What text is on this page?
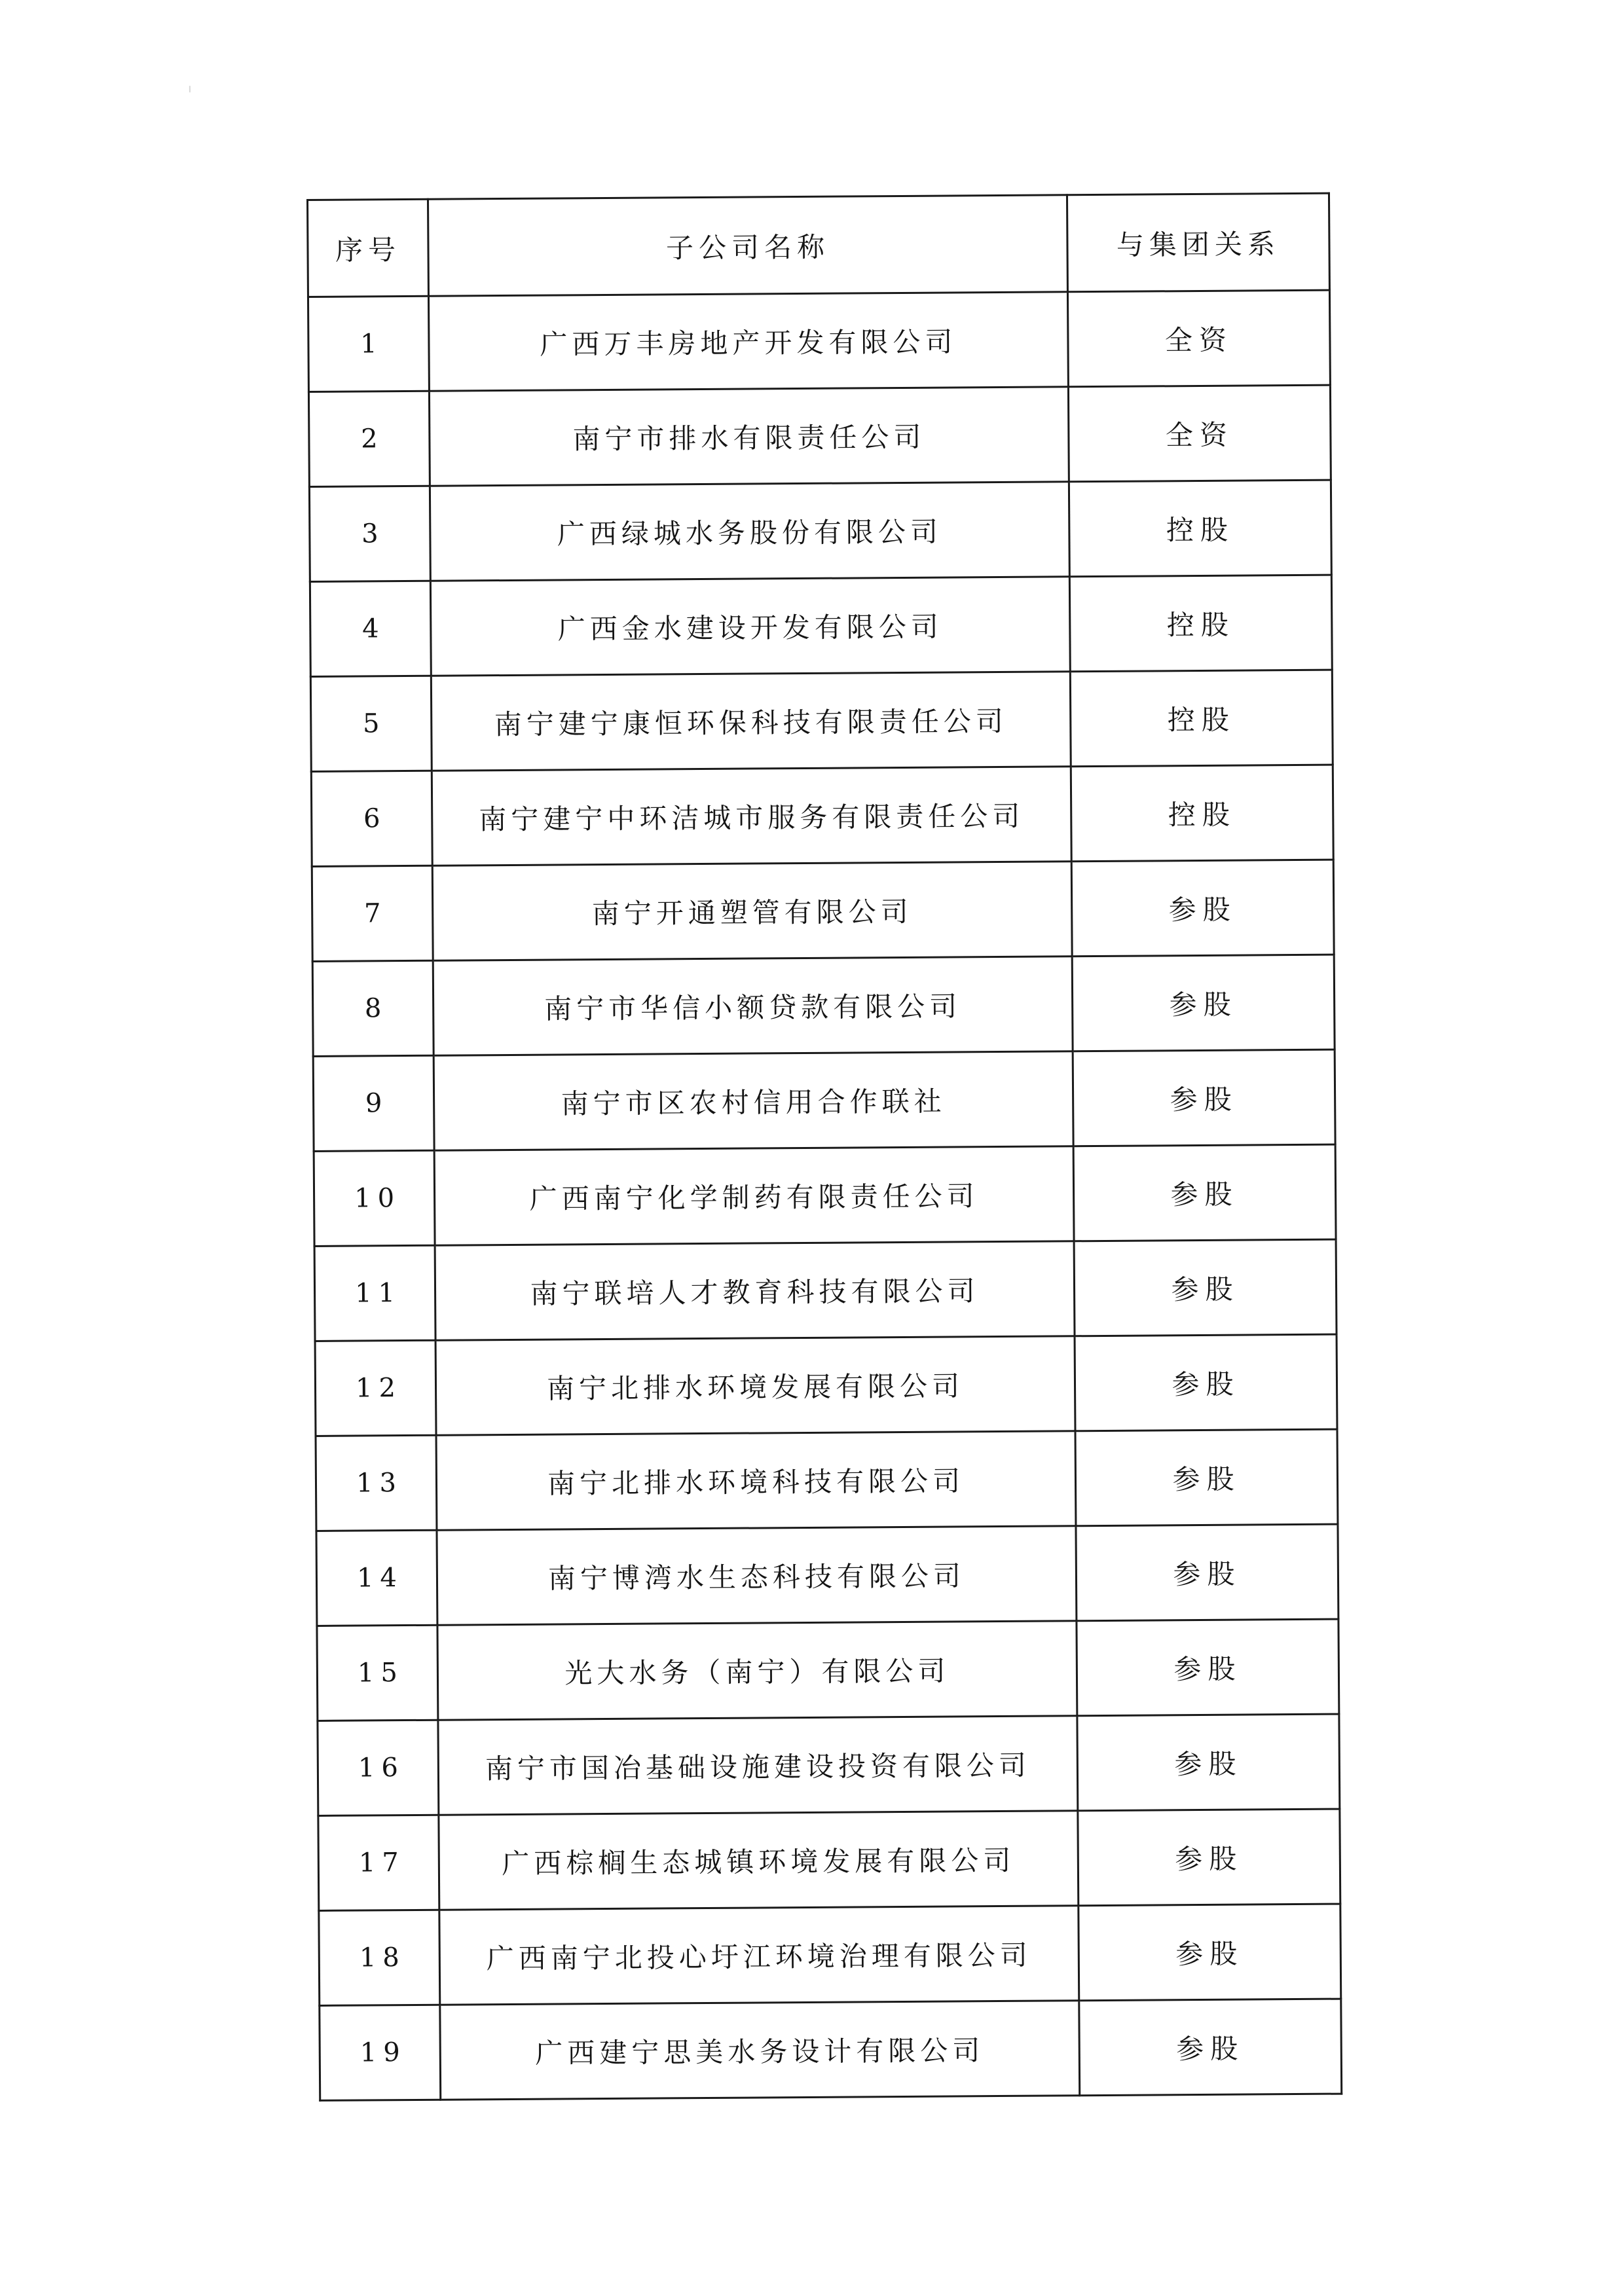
序号	子公司名称	与集团关系
1	广西万丰房地产开发有限公司	全资
2	南宁市排水有限责任公司	全资
3	广西绿城水务股份有限公司	控股
4	广西金水建设开发有限公司	控股
5	南宁建宁康恒环保科技有限责任公司	控股
6	南宁建宁中环洁城市服务有限责任公司	控股
7	南宁开通塑管有限公司	参股
8	南宁市华信小额贷款有限公司	参股
9	南宁市区农村信用合作联社	参股
10	广西南宁化学制药有限责任公司	参股
11	南宁联培人才教育科技有限公司	参股
12	南宁北排水环境发展有限公司	参股
13	南宁北排水环境科技有限公司	参股
14	南宁博湾水生态科技有限公司	参股
15	光大水务（南宁）有限公司	参股
16	南宁市国冶基础设施建设投资有限公司	参股
17	广西棕榈生态城镇环境发展有限公司	参股
18	广西南宁北投心圩江环境治理有限公司	参股
19	广西建宁思美水务设计有限公司	参股
